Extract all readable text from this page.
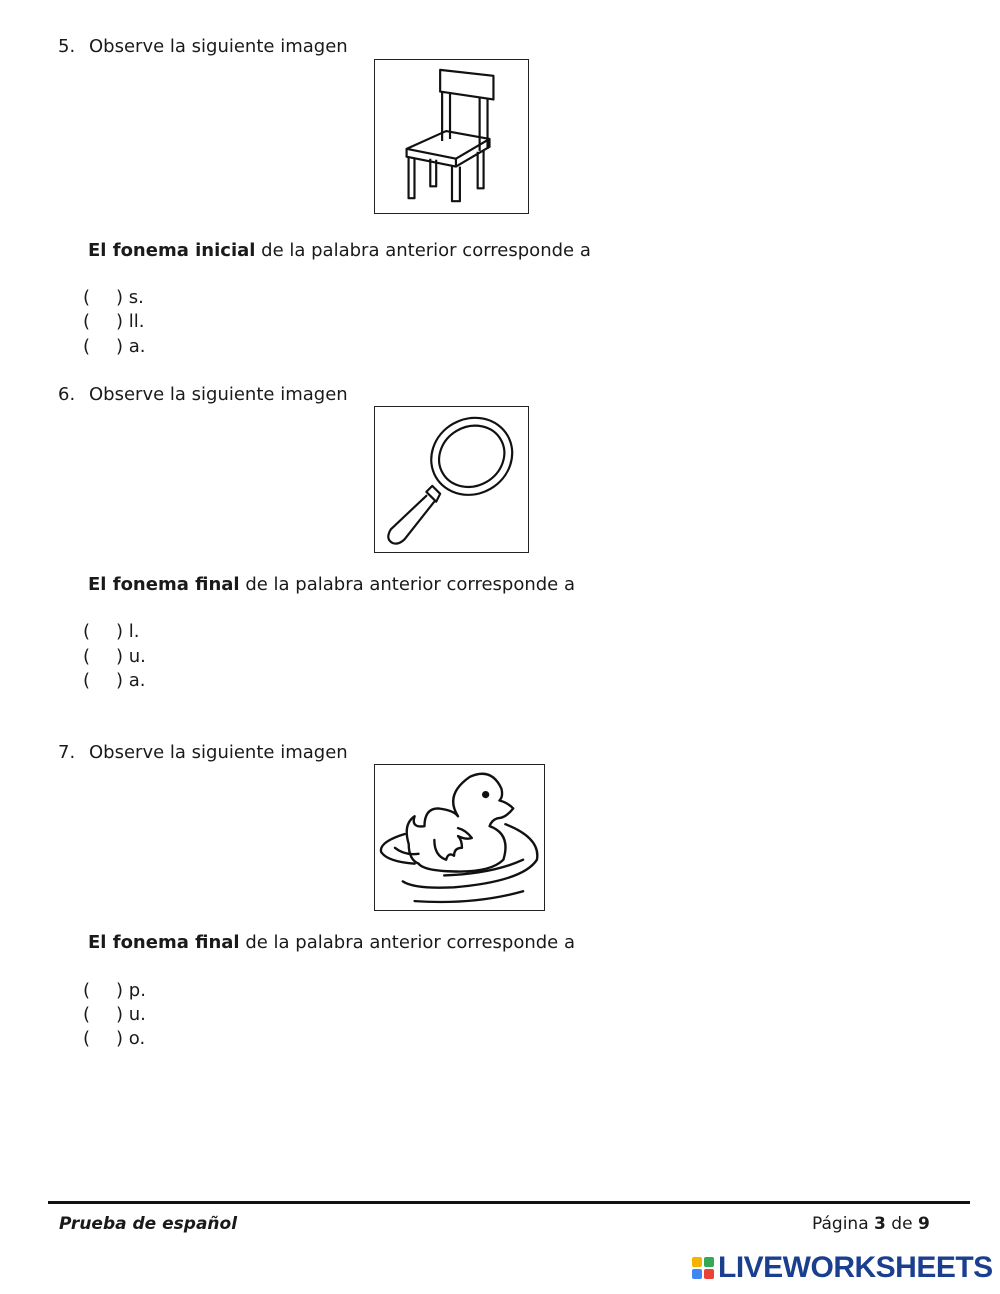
5. Observe la siguiente imagen
El fonema inicial de la palabra anterior corresponde a
( ) s.
( ) ll.
( ) a.
6. Observe la siguiente imagen
El fonema final de la palabra anterior corresponde a
( ) l.
( ) u.
( ) a.
7. Observe la siguiente imagen
El fonema final de la palabra anterior corresponde a
( ) p.
( ) u.
( ) o.
Prueba de español	Página 3 de 9
LIVEWORKSHEETS
